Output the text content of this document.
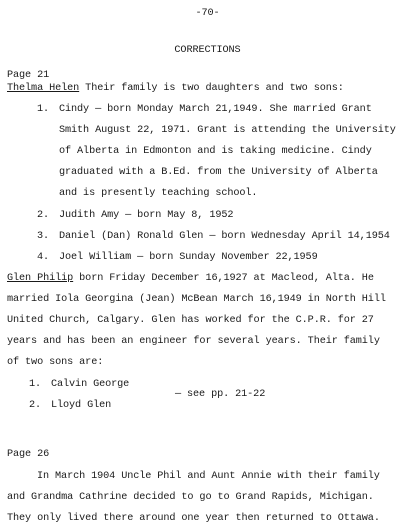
-70-
CORRECTIONS
Page 21
Thelma Helen Their family is two daughters and two sons:
1. Cindy — born Monday March 21,1949. She married Grant
Smith August 22, 1971. Grant is attending the University
of Alberta in Edmonton and is taking medicine. Cindy
graduated with a B.Ed. from the University of Alberta
and is presently teaching school.
2. Judith Amy — born May 8, 1952
3. Daniel (Dan) Ronald Glen — born Wednesday April 14,1954
4. Joel William — born Sunday November 22,1959
Glen Philip born Friday December 16,1927 at Macleod, Alta. He
married Iola Georgina (Jean) McBean March 16,1949 in North Hill
United Church, Calgary. Glen has worked for the C.P.R. for 27
years and has been an engineer for several years. Their family
of two sons are:
1. Calvin George
2. Lloyd Glen
— see pp. 21-22
Page 26
In March 1904 Uncle Phil and Aunt Annie with their family
and Grandma Cathrine decided to go to Grand Rapids, Michigan.
They only lived there around one year then returned to Ottawa.
